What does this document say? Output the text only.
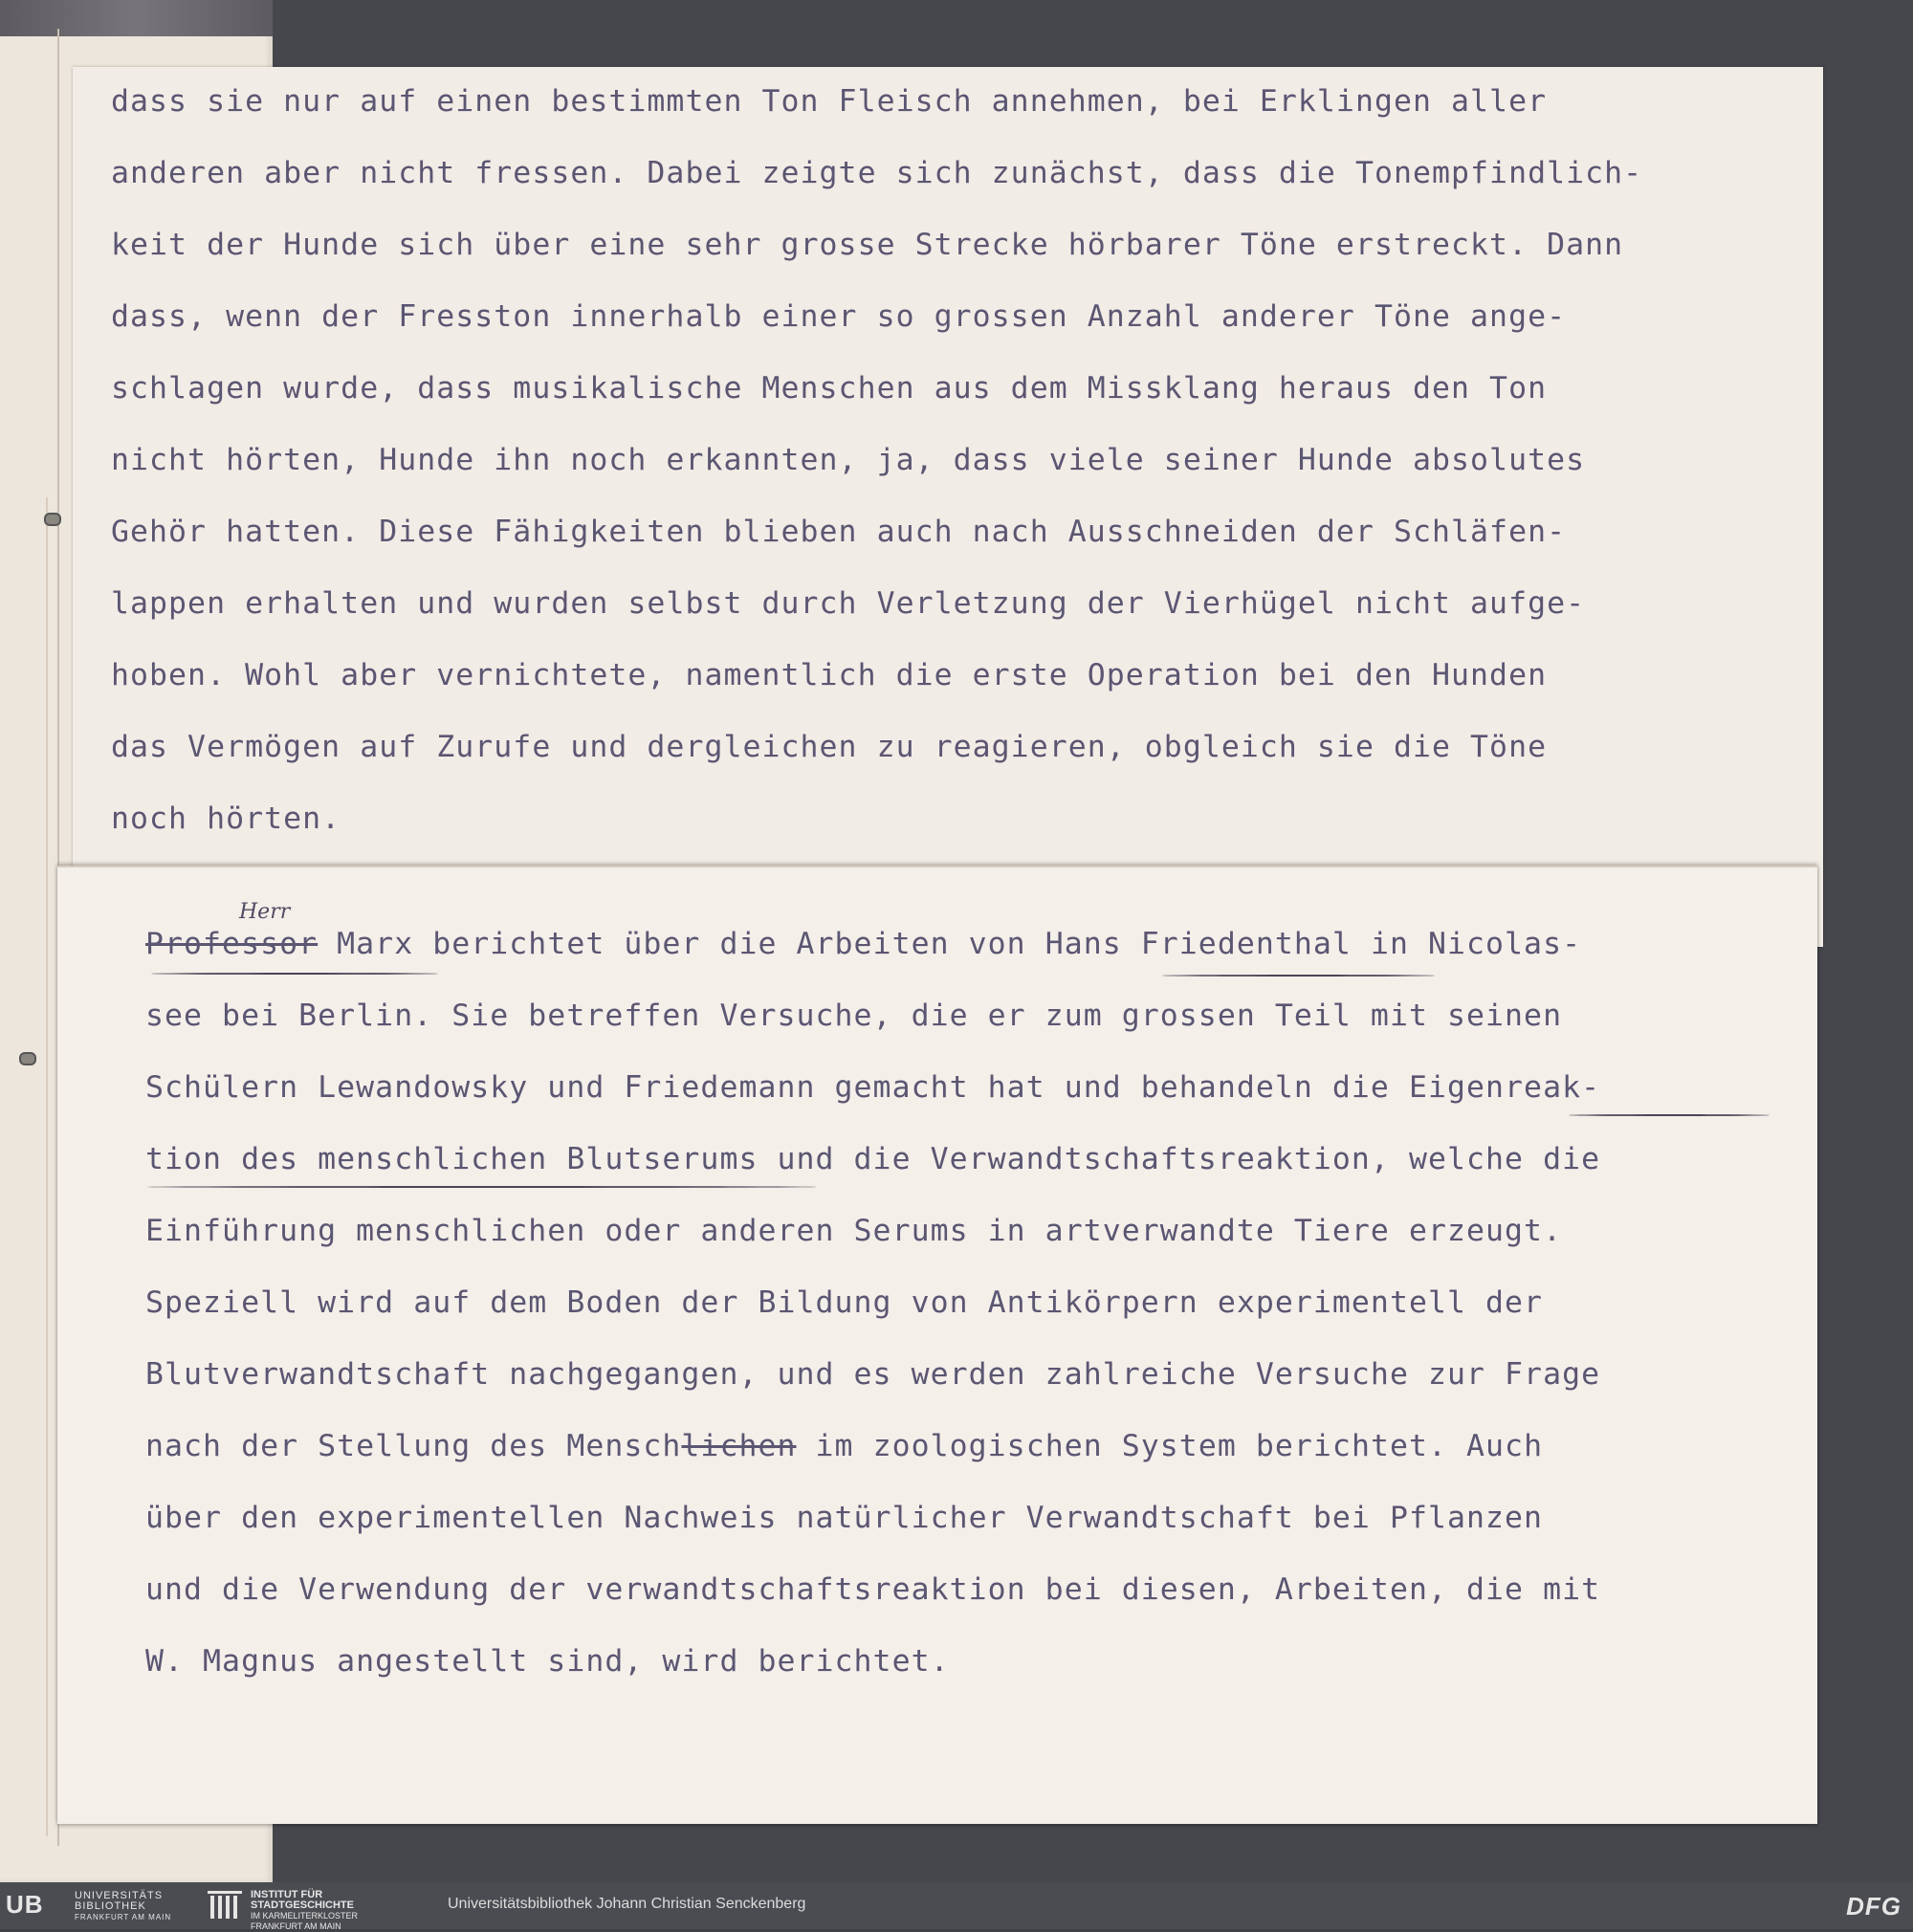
dass sie nur auf einen bestimmten Ton Fleisch annehmen, bei Erklingen aller
anderen aber nicht fressen. Dabei zeigte sich zunächst, dass die Tonempfindlich-
keit der Hunde sich über eine sehr grosse Strecke hörbarer Töne erstreckt. Dann
dass, wenn der Fresston innerhalb einer so grossen Anzahl anderer Töne ange-
schlagen wurde, dass musikalische Menschen aus dem Missklang heraus den Ton
nicht hörten, Hunde ihn noch erkannten, ja, dass viele seiner Hunde absolutes
Gehör hatten. Diese Fähigkeiten blieben auch nach Ausschneiden der Schläfen-
lappen erhalten und wurden selbst durch Verletzung der Vierhügel nicht aufge-
hoben. Wohl aber vernichtete, namentlich die erste Operation bei den Hunden
das Vermögen auf Zurufe und dergleichen zu reagieren, obgleich sie die Töne
noch hörten.
Herr
Professor Marx berichtet über die Arbeiten von Hans Friedenthal in Nicolas-
see bei Berlin. Sie betreffen Versuche, die er zum grossen Teil mit seinen
Schülern Lewandowsky und Friedemann gemacht hat und behandeln die Eigenreak-
tion des menschlichen Blutserums und die Verwandtschaftsreaktion, welche die
Einführung menschlichen oder anderen Serums in artverwandte Tiere erzeugt.
Speziell wird auf dem Boden der Bildung von Antikörpern experimentell der
Blutverwandtschaft nachgegangen, und es werden zahlreiche Versuche zur Frage
nach der Stellung des Menschlichen im zoologischen System berichtet. Auch
über den experimentellen Nachweis natürlicher Verwandtschaft bei Pflanzen
und die Verwendung der verwandtschaftsreaktion bei diesen, Arbeiten, die mit
W. Magnus angestellt sind, wird berichtet.
UB	UNIVERSITÄTS
BIBLIOTHEK
FRANKFURT AM MAIN
INSTITUT FÜR
STADTGESCHICHTE
IM KARMELITERKLOSTER
FRANKFURT AM MAIN
Universitätsbibliothek Johann Christian Senckenberg	DFG
